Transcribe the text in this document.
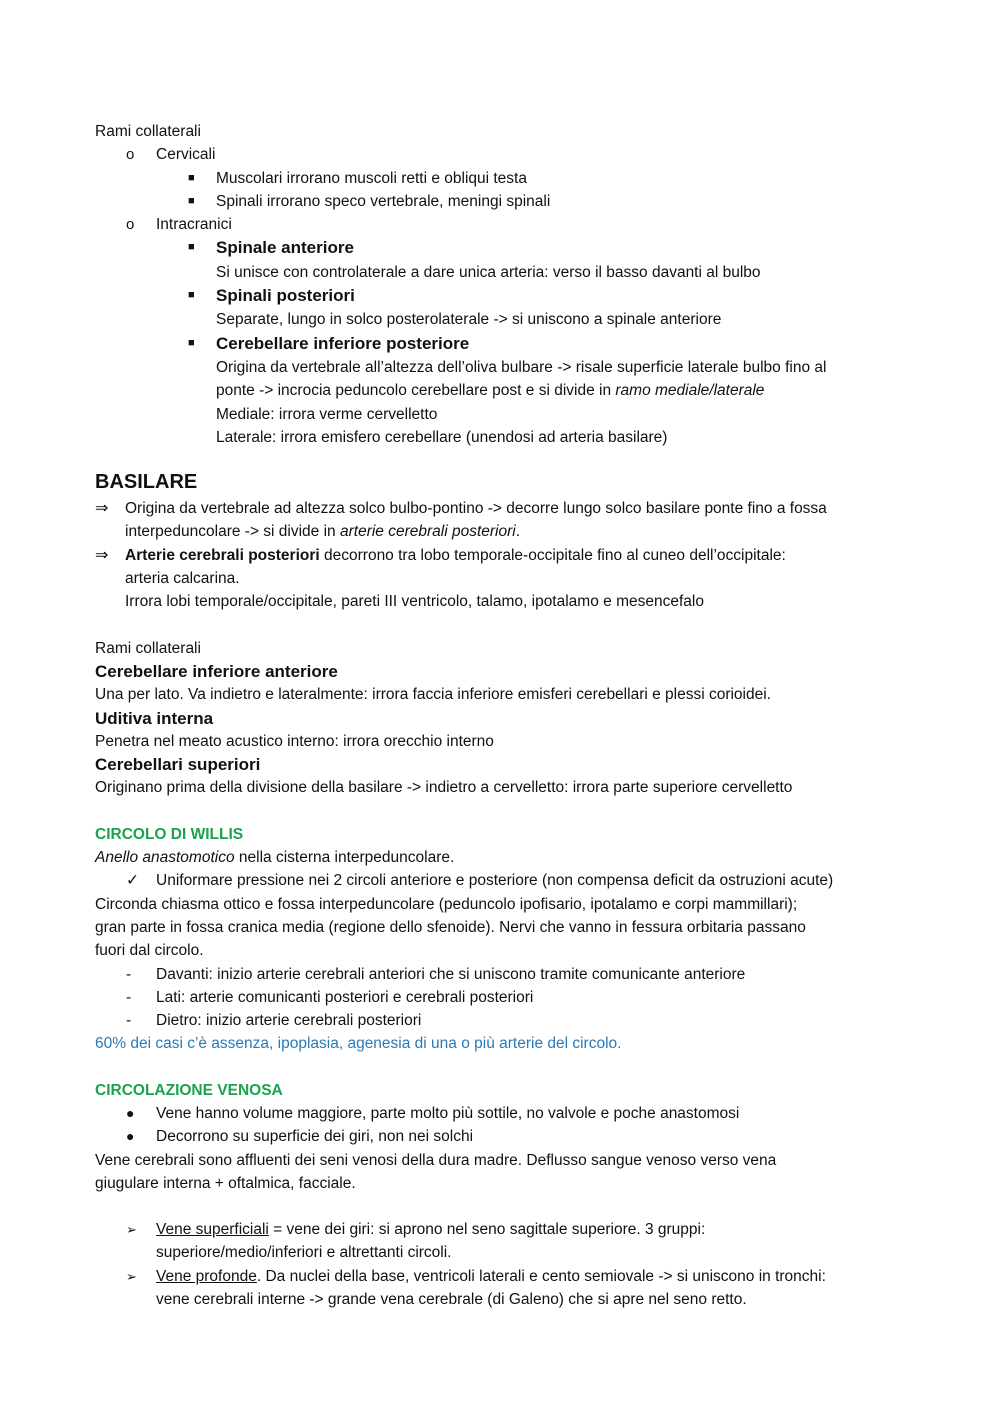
Rami collaterali
o Cervicali
■ Muscolari irrorano muscoli retti e obliqui testa
■ Spinali irrorano speco vertebrale, meningi spinali
o Intracranici
■ Spinale anteriore
Si unisce con controlaterale a dare unica arteria: verso il basso davanti al bulbo
■ Spinali posteriori
Separate, lungo in solco posterolaterale -> si uniscono a spinale anteriore
■ Cerebellare inferiore posteriore
Origina da vertebrale all’altezza dell’oliva bulbare -> risale superficie laterale bulbo fino al
ponte -> incrocia peduncolo cerebellare post e si divide in ramo mediale/laterale
Mediale: irrora verme cervelletto
Laterale: irrora emisfero cerebellare (unendosi ad arteria basilare)
BASILARE
⇒ Origina da vertebrale ad altezza solco bulbo-pontino -> decorre lungo solco basilare ponte fino a fossa
interpeduncolare -> si divide in arterie cerebrali posteriori.
⇒ Arterie cerebrali posteriori decorrono tra lobo temporale-occipitale fino al cuneo dell’occipitale:
arteria calcarina.
Irrora lobi temporale/occipitale, pareti III ventricolo, talamo, ipotalamo e mesencefalo
Rami collaterali
Cerebellare inferiore anteriore
Una per lato. Va indietro e lateralmente: irrora faccia inferiore emisferi cerebellari e plessi corioidei.
Uditiva interna
Penetra nel meato acustico interno: irrora orecchio interno
Cerebellari superiori
Originano prima della divisione della basilare -> indietro a cervelletto: irrora parte superiore cervelletto
CIRCOLO DI WILLIS
Anello anastomotico nella cisterna interpeduncolare.
✓ Uniformare pressione nei 2 circoli anteriore e posteriore (non compensa deficit da ostruzioni acute)
Circonda chiasma ottico e fossa interpeduncolare (peduncolo ipofisario, ipotalamo e corpi mammillari);
gran parte in fossa cranica media (regione dello sfenoide). Nervi che vanno in fessura orbitaria passano
fuori dal circolo.
- Davanti: inizio arterie cerebrali anteriori che si uniscono tramite comunicante anteriore
- Lati: arterie comunicanti posteriori e cerebrali posteriori
- Dietro: inizio arterie cerebrali posteriori
60% dei casi c’è assenza, ipoplasia, agenesia di una o più arterie del circolo.
CIRCOLAZIONE VENOSA
● Vene hanno volume maggiore, parte molto più sottile, no valvole e poche anastomosi
● Decorrono su superficie dei giri, non nei solchi
Vene cerebrali sono affluenti dei seni venosi della dura madre. Deflusso sangue venoso verso vena
giugulare interna + oftalmica, facciale.
➢ Vene superficiali = vene dei giri: si aprono nel seno sagittale superiore. 3 gruppi:
superiore/medio/inferiori e altrettanti circoli.
➢ Vene profonde. Da nuclei della base, ventricoli laterali e cento semiovale -> si uniscono in tronchi:
vene cerebrali interne -> grande vena cerebrale (di Galeno) che si apre nel seno retto.
